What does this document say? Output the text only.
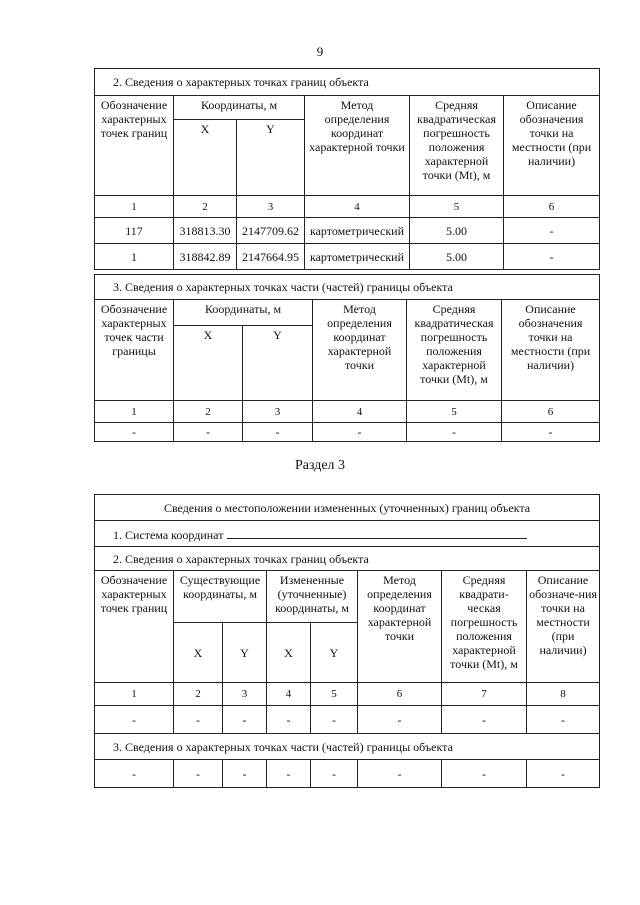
9
2. Сведения о характерных точках границ объекта					
Обозначение характерных точек границ	Координаты, м		Метод определения координат характерной точки	Средняя квадратическая погрешность положения характерной точки (Mt), м	Описание обозначения точки на местности (при наличии)
	X	Y			
1	2	3	4	5	6
117	318813.30	2147709.62	картометрический	5.00	-
1	318842.89	2147664.95	картометрический	5.00	-
3. Сведения о характерных точках части (частей) границы объекта					
Обозначение характерных точек части границы	Координаты, м		Метод определения координат характерной точки	Средняя квадратическая погрешность положения характерной точки (Mt), м	Описание обозначения точки на местности (при наличии)
	X	Y			
1	2	3	4	5	6
-	-	-	-	-	-
Раздел 3
Сведения о местоположении измененных (уточненных) границ объекта							
1. Система координат							
2. Сведения о характерных точках границ объекта							
Обозначение характерных точек границ	Существующие координаты, м		Измененные (уточненные) координаты, м		Метод определения координат характерной точки	Средняя квадрати-ческая погрешность положения характерной точки (Mt), м	Описание обозначе-ния точки на местности (при наличии)
	X	Y	X	Y			
1	2	3	4	5	6	7	8
-	-	-	-	-	-	-	-
3. Сведения о характерных точках части (частей) границы объекта							
-	-	-	-	-	-	-	-
